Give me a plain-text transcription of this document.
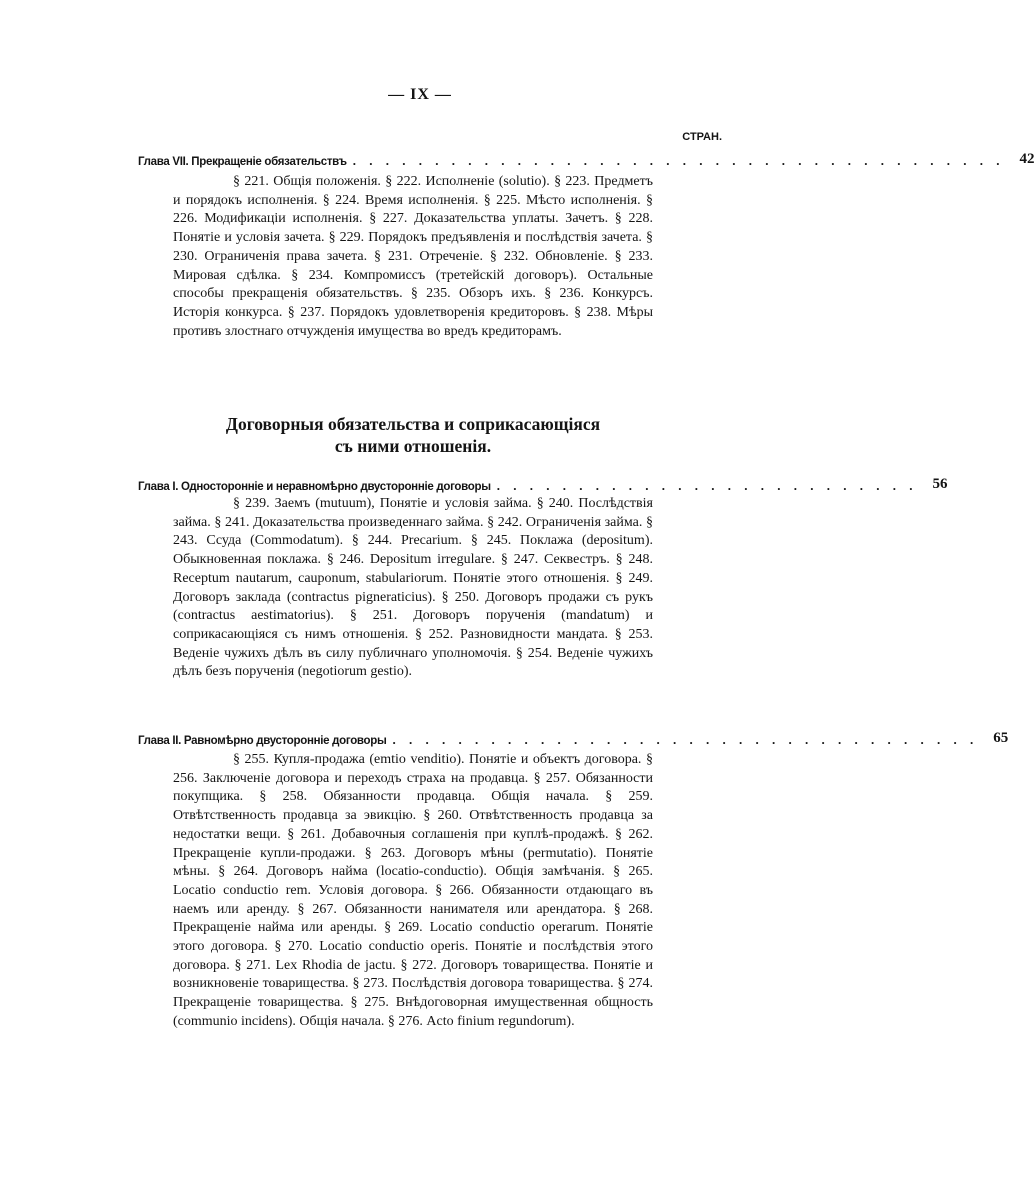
— IX —
СТРАН.
Глава VII. Прекращеніе обязательствъ . . . . . . . . . . . . . . . . . . . . . . . . . . . . . . . . . . . . . . . .	42

§ 221. Общія положенія. § 222. Исполненіе (solutio). § 223. Предметъ и порядокъ исполненія. § 224. Время исполненія. § 225. Мѣсто исполненія. § 226. Модификаціи исполненія. § 227. Доказательства уплаты. Зачетъ. § 228. Понятіе и условія зачета. § 229. Порядокъ предъявленія и послѣдствія зачета. § 230. Ограниченія права зачета. § 231. Отреченіе. § 232. Обновленіе. § 233. Мировая сдѣлка. § 234. Компромиссъ (третейскій договоръ). Остальные способы прекращенія обязательствъ. § 235. Обзоръ ихъ. § 236. Конкурсъ. Исторія конкурса. § 237. Порядокъ удовлетворенія кредиторовъ. § 238. Мѣры противъ злостнаго отчужденія имущества во вредъ кредиторамъ.

Договорныя обязательства и соприкасающіяся
съ ними отношенія.
Глава I. Односторонніе и неравномѣрно двусторонніе договоры . . . . . . . . . . . . . . . . . . . . . . . . . .	56

§ 239. Заемъ (mutuum), Понятіе и условія займа. § 240. Послѣдствія займа. § 241. Доказательства произведеннаго займа. § 242. Ограниченія займа. § 243. Ссуда (Commodatum). § 244. Precarium. § 245. Поклажа (depositum). Обыкновенная поклажа. § 246. Depositum irregulare. § 247. Секвестръ. § 248. Receptum nautarum, cauponum, stabulariorum. Понятіе этого отношенія. § 249. Договоръ заклада (contractus pigneraticius). § 250. Договоръ продажи съ рукъ (contractus aestimatorius). § 251. Договоръ порученія (mandatum) и соприкасающіяся съ нимъ отношенія. § 252. Разновидности мандата. § 253. Веденіе чужихъ дѣлъ въ силу публичнаго уполномочія. § 254. Веденіе чужихъ дѣлъ безъ порученія (negotiorum gestio).

Глава II. Равномѣрно двусторонніе договоры . . . . . . . . . . . . . . . . . . . . . . . . . . . . . . . . . . . .	65

§ 255. Купля-продажа (emtio venditio). Понятіе и объектъ договора. § 256. Заключеніе договора и переходъ страха на продавца. § 257. Обязанности покупщика. § 258. Обязанности продавца. Общія начала. § 259. Отвѣтственность продавца за эвикцію. § 260. Отвѣтственность продавца за недостатки вещи. § 261. Добавочныя соглашенія при куплѣ-продажѣ. § 262. Прекращеніе купли-продажи. § 263. Договоръ мѣны (permutatio). Понятіе мѣны. § 264. Договоръ найма (locatio-conductio). Общія замѣчанія. § 265. Locatio conductio rem. Условія договора. § 266. Обязанности отдающаго въ наемъ или аренду. § 267. Обязанности нанимателя или арендатора. § 268. Прекращеніе найма или аренды. § 269. Locatio conductio operarum. Понятіе этого договора. § 270. Locatio conductio operis. Понятіе и послѣдствія этого договора. § 271. Lex Rhodia de jactu. § 272. Договоръ товарищества. Понятіе и возникновеніе товарищества. § 273. Послѣдствія договора товарищества. § 274. Прекращеніе товарищества. § 275. Внѣдоговорная имущественная общность (communio incidens). Общія начала. § 276. Acto finium regundorum).
